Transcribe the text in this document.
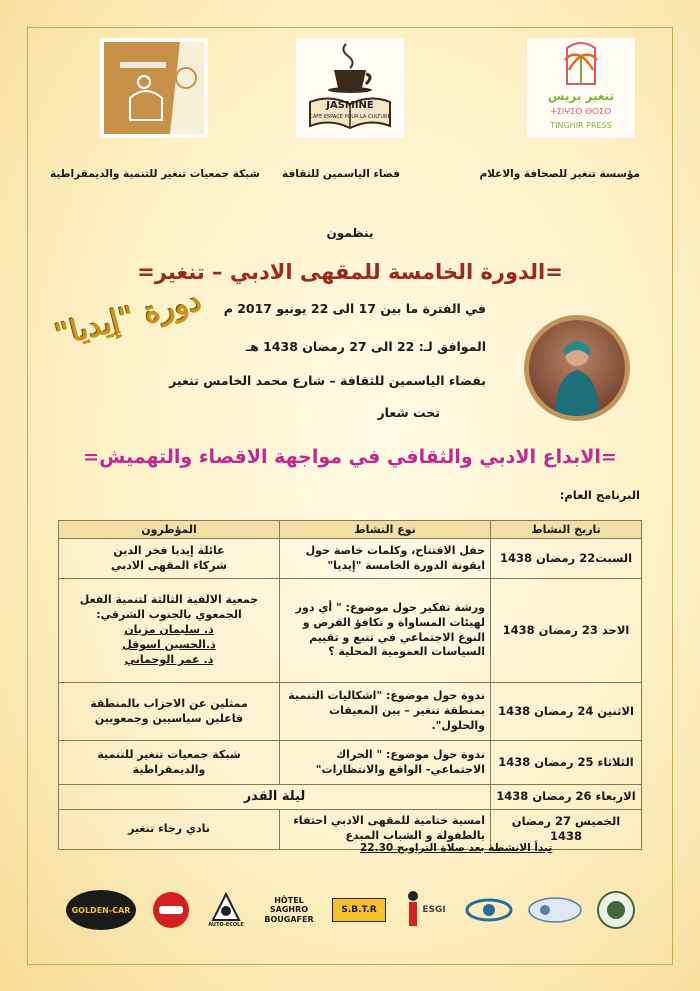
تنغير بريس
ⵜⵉⵏⵖⵉⵔ ⴱⵔⵉⵙ
TINGHIR PRESS
JASMINE
CAFE ESPACE POUR LA CULTURE
مؤسسة تنغير للصحافة والاعلام
فضاء الياسمين للثقافة
شبكة جمعيات تنغير للتنمية والديمقراطية
ينظمون
=الدورة الخامسة للمقهى الادبي – تنغير=
دورة "إيديا"	في الفترة ما بين 17 الى 22 يونيو 2017 م
الموافق لـ: 22 الى 27 رمضان 1438 هـ
بفضاء الياسمين للثقافة – شارع محمد الخامس تنغير
تحت شعار
=الابداع الادبي والثقافي في مواجهة الاقصاء والتهميش=
البرنامج العام:
تاريخ النشاط	نوع النشاط	المؤطرون
السبت22 رمضان 1438	حفل الافتتاح، وكلمات خاصة حول ايقونة الدورة الخامسة "إيديا"	عائلة إيديا فخر الدين
شركاء المقهى الادبي

الاحد 23 رمضان 1438	ورشة تفكير حول موضوع: " أي دور لهيئات المساواة و تكافؤ الفرص و النوع الاجتماعي في تتبع و تقييم السياسات العمومية المحلية ؟	جمعية الالفية الثالثة لتنمية الفعل الجمعوي بالجنوب الشرقي:
ذ. سليمان مزيان
ذ.الحسين اسوقل
ذ. عمر الوحماني

الاثنين 24 رمضان 1438	ندوة حول موضوع: "اشكاليات التنمية بمنطقة تنغير – بين المعيقات والحلول".	ممثلين عن الاحزاب بالمنطقة
فاعلين سياسيين وجمعويين

الثلاثاء 25 رمضان 1438	ندوة حول موضوع: " الحراك الاجتماعي- الواقع والانتظارات"	شبكة جمعيات تنغير للتنمية
والديمقراطية

الاربعاء 26 رمضان 1438	ليلة القدر	
الخميس 27 رمضان 1438	امسية ختامية للمقهى الادبي احتفاء بالطفولة و الشباب المبدع	نادي رجاء تنغير
تبدأ الانشطة بعد صلاة التراويح 22.30
GOLDEN-CAR
AUTO-ECOLE
HÔTEL SAGHRO BOUGAFER
S.B.T.R	ESGI
